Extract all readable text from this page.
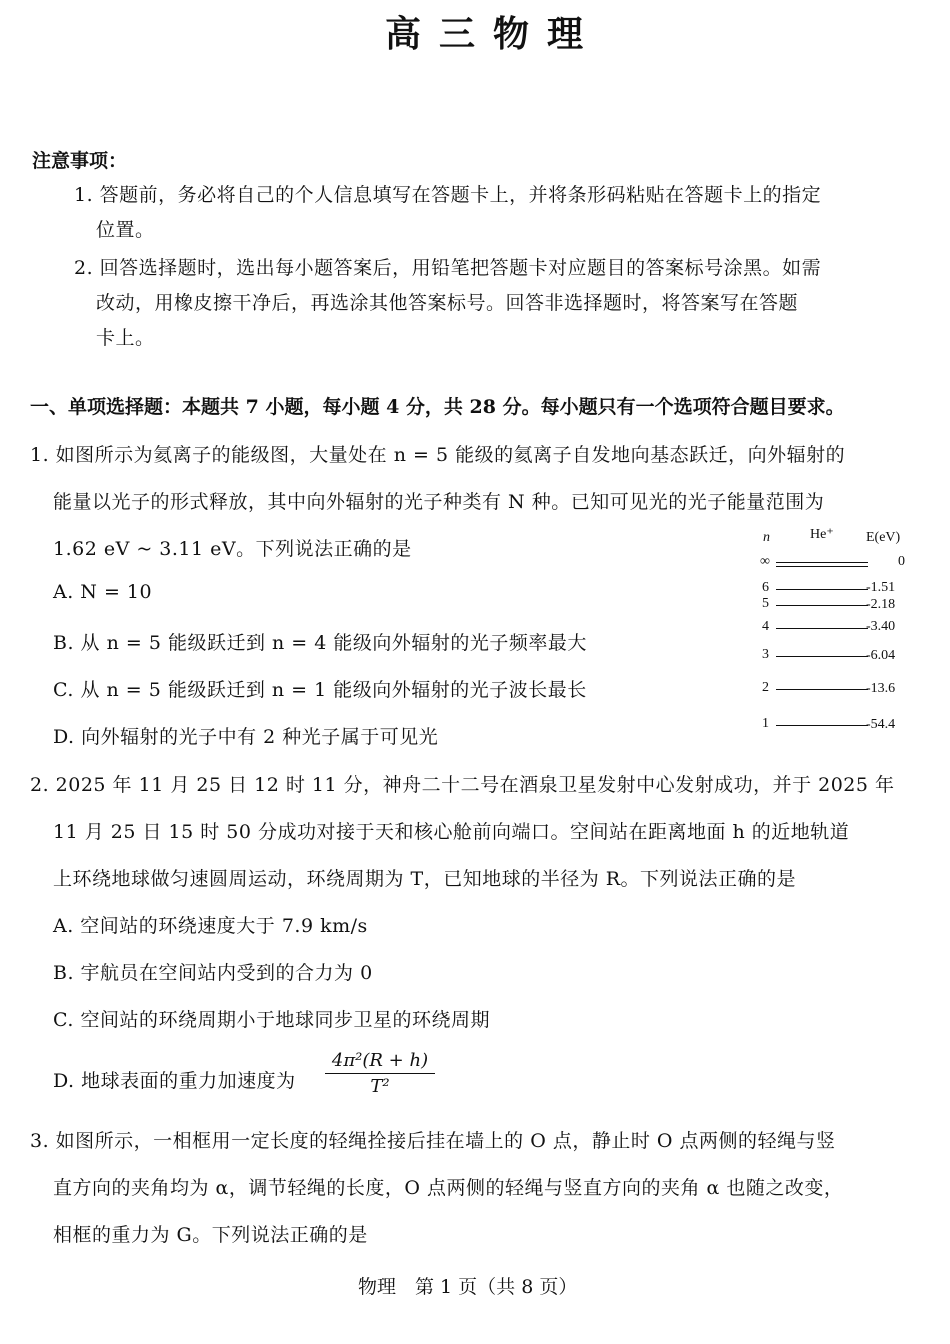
高三物理
注意事项：
1. 答题前，务必将自己的个人信息填写在答题卡上，并将条形码粘贴在答题卡上的指定
位置。
2. 回答选择题时，选出每小题答案后，用铅笔把答题卡对应题目的答案标号涂黑。如需
改动，用橡皮擦干净后，再选涂其他答案标号。回答非选择题时，将答案写在答题
卡上。
一、单项选择题：本题共 7 小题，每小题 4 分，共 28 分。每小题只有一个选项符合题目要求。
1. 如图所示为氦离子的能级图，大量处在 n = 5 能级的氦离子自发地向基态跃迁，向外辐射的
能量以光子的形式释放，其中向外辐射的光子种类有 N 种。已知可见光的光子能量范围为
1.62 eV ~ 3.11 eV。下列说法正确的是
A. N = 10
B. 从 n = 5 能级跃迁到 n = 4 能级向外辐射的光子频率最大
C. 从 n = 5 能级跃迁到 n = 1 能级向外辐射的光子波长最长
D. 向外辐射的光子中有 2 种光子属于可见光
n	He⁺ E(eV)
∞	0
6	-1.51
5	-2.18
4	-3.40
3	-6.04
2	-13.6
1	-54.4
2. 2025 年 11 月 25 日 12 时 11 分，神舟二十二号在酒泉卫星发射中心发射成功，并于 2025 年
11 月 25 日 15 时 50 分成功对接于天和核心舱前向端口。空间站在距离地面 h 的近地轨道
上环绕地球做匀速圆周运动，环绕周期为 T，已知地球的半径为 R。下列说法正确的是
A. 空间站的环绕速度大于 7.9 km/s
B. 宇航员在空间站内受到的合力为 0
C. 空间站的环绕周期小于地球同步卫星的环绕周期
D. 地球表面的重力加速度为 $\frac{\text{4π²(R + h)}}{\text{T²}}$
3. 如图所示，一相框用一定长度的轻绳拴接后挂在墙上的 O 点，静止时 O 点两侧的轻绳与竖
直方向的夹角均为 α，调节轻绳的长度，O 点两侧的轻绳与竖直方向的夹角 α 也随之改变，
相框的重力为 G。下列说法正确的是
物理　第 1 页（共 8 页）
